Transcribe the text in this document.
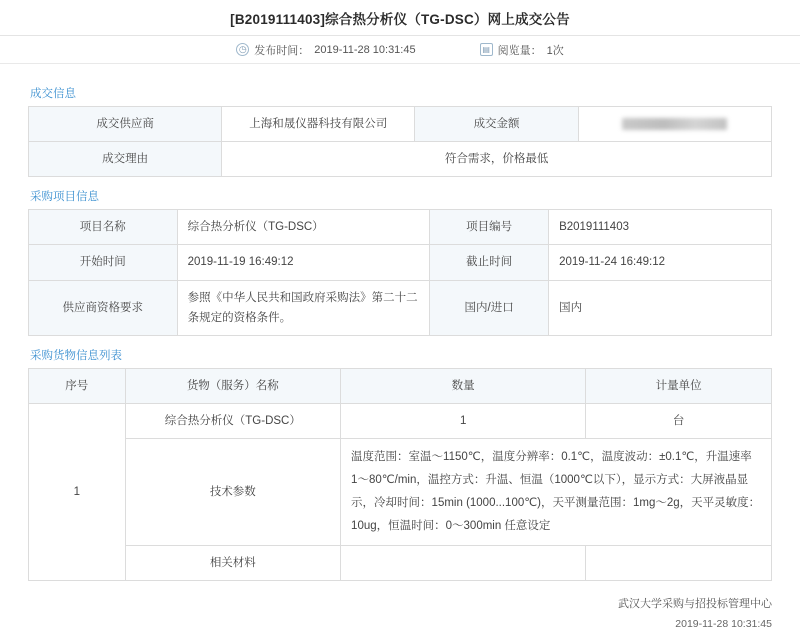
[B2019111403]综合热分析仪（TG-DSC）网上成交公告
◷ 发布时间： 2019-11-28 10:31:45	▤ 阅览量： 1次
成交信息
成交供应商	上海和晟仪器科技有限公司	成交金额	
成交理由	符合需求，价格最低		
采购项目信息
项目名称	综合热分析仪（TG-DSC）	项目编号	B2019111403
开始时间	2019-11-19 16:49:12	截止时间	2019-11-24 16:49:12
供应商资格要求	参照《中华人民共和国政府采购法》第二十二条规定的资格条件。	国内/进口	国内
采购货物信息列表
序号	货物（服务）名称	数量	计量单位
1	综合热分析仪（TG-DSC）	1	台
	技术参数	温度范围：室温～1150℃，温度分辨率：0.1℃，温度波动：±0.1℃，升温速率 1～80℃/min，温控方式：升温、恒温（1000℃以下），显示方式：大屏液晶显示，冷却时间：15min (1000...100℃)，天平测量范围：1mg～2g，天平灵敏度：10ug，恒温时间：0～300min 任意设定	
	相关材料		
武汉大学采购与招投标管理中心
2019-11-28 10:31:45
